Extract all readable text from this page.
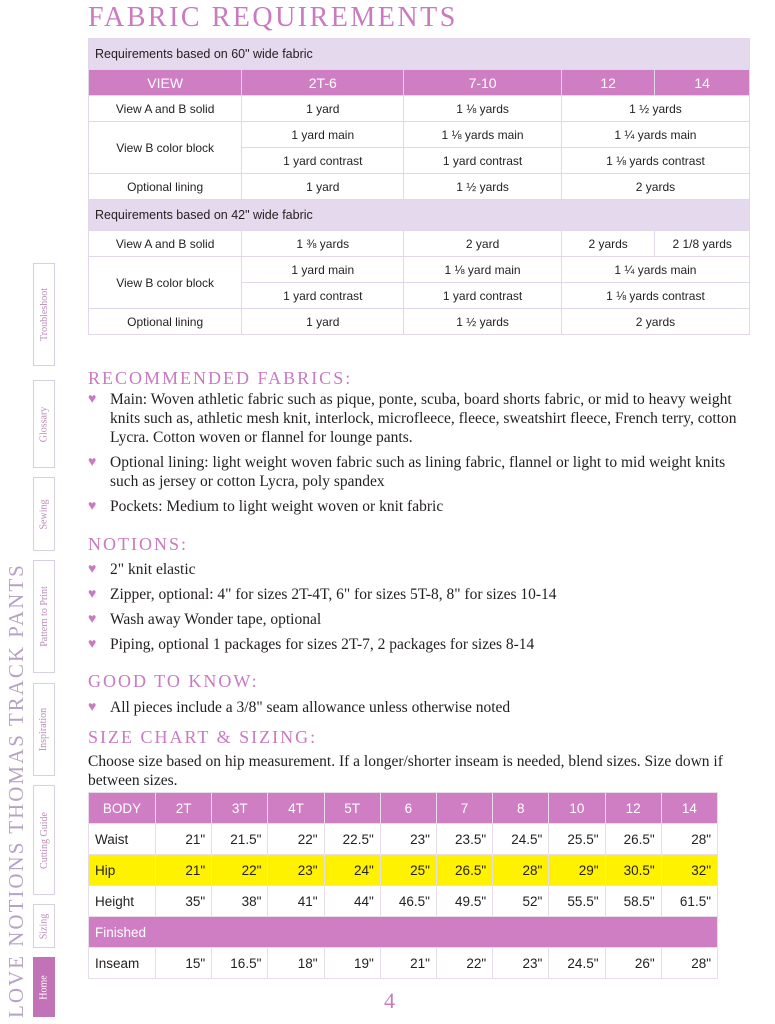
LOVE NOTIONS THOMAS TRACK PANTS
Troubleshoot
Glossary
Sewing
Pattern to Print
Inspiration
Cutting Guide
Sizing
Home
FABRIC REQUIREMENTS
Requirements based on 60" wide fabric				
VIEW	2T-6	7-10	12	14
View A and B solid	1 yard	1 ⅛ yards	1 ½ yards	
View B color block	1 yard main	1 ⅛ yards main	1 ¼ yards main	
	1 yard contrast	1 yard contrast	1 ⅛ yards contrast	
Optional lining	1 yard	1 ½ yards	2 yards	
Requirements based on 42" wide fabric				
View A and B solid	1 ⅜ yards	2 yard	2 yards	2 1/8 yards
View B color block	1 yard main	1 ⅛ yard main	1 ¼ yards main	
	1 yard contrast	1 yard contrast	1 ⅛ yards contrast	
Optional lining	1 yard	1 ½ yards	2 yards	
RECOMMENDED FABRICS:
♥ Main: Woven athletic fabric such as pique, ponte, scuba, board shorts fabric, or mid to heavy weight knits such as, athletic mesh knit, interlock, microfleece, fleece, sweatshirt fleece, French terry, cotton Lycra. Cotton woven or flannel for lounge pants.
♥ Optional lining: light weight woven fabric such as lining fabric, flannel or light to mid weight knits such as jersey or cotton Lycra, poly spandex
♥ Pockets: Medium to light weight woven or knit fabric
NOTIONS:
♥ 2" knit elastic
♥ Zipper, optional: 4" for sizes 2T-4T, 6" for sizes 5T-8, 8" for sizes 10-14
♥ Wash away Wonder tape, optional
♥ Piping, optional 1 packages for sizes 2T-7, 2 packages for sizes 8-14
GOOD TO KNOW:
♥ All pieces include a 3/8" seam allowance unless otherwise noted
SIZE CHART & SIZING:
Choose size based on hip measurement. If a longer/shorter inseam is needed, blend sizes. Size down if between sizes.
BODY	2T	3T	4T	5T	6	7	8	10	12	14
Waist	21"	21.5"	22"	22.5"	23"	23.5"	24.5"	25.5"	26.5"	28"
Hip	21"	22"	23"	24"	25"	26.5"	28"	29"	30.5"	32"
Height	35"	38"	41"	44"	46.5"	49.5"	52"	55.5"	58.5"	61.5"
Finished										
Inseam	15"	16.5"	18"	19"	21"	22"	23"	24.5"	26"	28"
4
